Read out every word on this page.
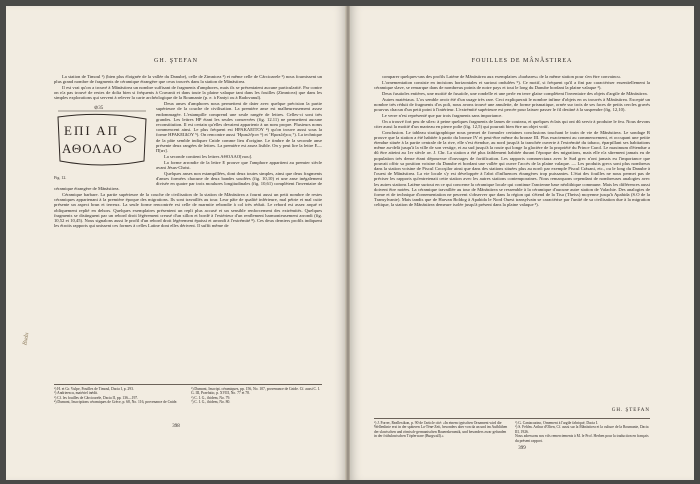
GH. ŞTEFAN

La station de Timoul ¹) (bien plus éloignée de la vallée du Danube), celle de Zimnicea ²) et même celle de Cârcioarele ³) nous fournissent un plus grand nombre de fragments de céramique étrangère que ceux trouvés dans la station de Mânăstirea.

Il est vrai qu'on a trouvé à Mânăstirea un nombre suffisant de fragments d'amphores, mais ils se présentaient aucune particularité. Par contre on n'a pas trouvé de restes de dolia bien si fréquents à Cravanit et dans toute la plaine valaque tant dans les fouilles (Zimnicea) que dans les simples explorations qui servent à relever la carte archéologique de la Roumanie (p. e. à Fantyi ou à Radovanul).

⊘35
ΕΠΙ ΑΠ
ΑΘΟΛΑΟ
Fig. 12.

Deux anses d'amphores nous permettent de dater avec quelque précision la partie supérieure de la couche de civilisation. La première anse est malheureusement assez endommagée. L'estampille comprend une seule rangée de lettres. Celles-ci sont très grandes. Les lettres HP étant les seules conservées (fig. 12.11) ne permettent aucune reconstitution. Il est certain qu'elles devaient appartenir à un nom propre. Plusieurs noms commencent ainsi. Le plus fréquent est HPAKΛEITOY ⁴) qu'on trouve aussi sous la forme HPAKEIΔOY ⁵). On rencontre aussi ʼHρακλῆτον ⁶) et ʼHρακλῆτος ⁷). La technique de la pâte semble indiquer Cnide comme lieu d'origine. Le timbre de la seconde anse présente deux rangées de lettres. La première est assez lisible. On y peut lire la lettre E—Π[ατ].

La seconde contient les lettres AΘOΛAO[νιου].

La forme arrondie de la lettre E prouve que l'amphore appartient au premier siècle avant Jésus-Christ.

Quelques anses non estampillées, dont deux toutes simples, ainsi que deux fragments d'anses formées chacune de deux bandes soudées (fig. 10,10) et une anse inégalement divisée en quatre par trois moulures longitudinales (fig. 10,61) complètent l'inventaire de céramique étrangère de Mânăstirea.

Céramique barbare. La partie supérieure de la couche de civilisation de la station de Mânăstirea a fourni aussi un petit nombre de restes céramiques appartenant à la première époque des migrations. Ils sont travaillés au tour. Leur pâte de qualité inférieure, mal pétrie et mal cuite présente un aspect brun et terreux. La seule forme rencontrée est celle de marmite rebondie à col très réduit. Le rebord est assez arqué et obliquement replié en dehors. Quelques exemplaires présentent un repli plus accusé et un sensible renforcement des extrémités. Quelques fragments se distinguent par un rebord droit légèrement creusé d'un sillon et bordé à l'extérieur d'un renflement harmonieusement arrondi (fig. 10,52 et 10,45). Nous signalons aussi le profil d'un rebord droit légèrement épaissi et arrondi à l'extrémité ⁸). Ces deux derniers profils indiquent les étroits rapports qui unissent ces formes à celles Latine dont elles dérivent. Il suffit même de

Budu
¹) H. et Gr. Vulpe, Fouilles de Timoul, Dacia I, p. 293.
²) Andrieescu, matériel inédit.
³) Cf. les fouilles de Cârcioarele, Dacia II, pp. 136—197.
⁴) Dumont, Inscriptions céramiques de Grèce, p. 68, No. 116, provenance de Cnide.
⁵) Dumont, Inscript. céramiques, pp. 156, No. 107, provenance de Cnide. Cf. aussi C. I. G. III, Praefatio, p. XVIII, No. 77 et 78.
⁶) C. I. G., ibidem, No. 79.
⁷) C. I. G., ibidem, No. 80.
398
FOUILLES DE MÂNĂSTIREA

comparer quelques-uns des profils Latène de Mânăstirea aux exemplaires «barbares» de la même station pour s'en être convaincu.

L'ornementation consiste en incisions horizontales et surtout ondulées ⁹). Ce motif, si fréquent qu'il a fini par caractériser essentiellement la céramique slave, se remarque dans de nombreux points de notre pays et tout le long du Danube bordant la plaine valaque ²).

Deux fusaïoles entières, une moitié de fusaïole, une rondelle et une perle en terre glaise complètent l'inventaire des objets d'argile de Mânăstirea.

Autres matériaux. L'os semble avoir été d'un usage très rare. Ceci expliquerait le nombre infime d'objets en os trouvés à Mânăstirea. Excepté un nombre très réduit de fragments d'os poli, nous avons trouvé une amulette, de forme prismatique, ornée sur trois de ses faces de petits cercles gravés pourvus chacun d'un petit point à l'intérieur. L'extrémité supérieure est percée pour laisser passer le fil destiné à la suspendre (fig. 12,10).

Le verre n'est représenté que par trois fragments sans importance.

On a trouvé fort peu de silex: à peine quelques fragments de lames de couteau, et quelques éclats qui ont dû servir à produire le feu. Nous devons citer aussi la moitié d'un marteau en pierre polie (fig. 12,5) qui pourrait bien être un objet votif.

Conclusion. Le tableau stratigraphique nous permet de formuler certaines conclusions touchant le train de vie de Mânăstirea. Le sondage B prouve que la station a été habitée à partir du bronze IV et peut-être même du bronze III. Plus exactement au commencement, et occupant une petite étendue située à la partie centrale de la rive, elle s'est étendue, au nord jusqu'à la tranchée ouverte à l'extrémité du tabaco, éparpillant ses habitations même au-delà jusqu'à la ville de son vestige, et au sud jusqu'à la route qui longe la glacière de la propriété du Prince Carol. Le maximum d'étendue a dû être atteint au 1er siècle av. J. Chr. La station a été plus faiblement habitée durant l'époque des migrations, mais elle n'a sûrement jamais eu de population très dense étant dépourvue d'ouvrages de fortification. Les rapports commerciaux avec le Sud grec n'ont jamais eu l'importance que pouvait offrir sa position voisine du Danube et bordant une vallée qui ouvre l'accès de la plaine valaque. — Les produits grecs sont plus nombreux dans la station voisine de Piscul Cocoşilor ainsi que dans des stations situées plus au nord: par exemple Piscul Crăsani, etc., ou le long du Danube à l'ouest de Mânăstirea. La vie locale s'y est développée à l'abri d'influences étrangères trop puissantes. L'état des fouilles ne nous permet pas de préciser les rapports qu'entretenait cette station avec les autres stations contemporaines. Nous remarquons cependant de nombreuses analogies avec les autres stations Latène surtout en ce qui concerne la céramique locale qui continue l'ancienne base néolithique commune. Mais les différences aussi doivent être notées. La céramique travaillée au tour de Mânăstirea se ressemble à la céramique d'aucune autre station de Valachie. Des analogies de forme et de technique d'ornementation ne peuvent s'observer que dans la région qui s'étend de la Tisa (Theiss) moyenne jusqu'à Apahida (S.O de la Transylvanie). Mais tandis que de Harvan Boldog à Apahida le Nord Ouest transylvain se caractérise par l'unité de sa civilisation due à la migration celtique, la station de Mânăstirea demeure isolée jusqu'à présent dans la plaine valaque ³).

GH. ŞTEFAN
¹) J. Forrer, Reallexikon, p. 90 de l'article cité: «In einem typischen Ornament wird die Wellenlinie erst in der späteren La-Tène-Zeit, besonders aber von da an und im Aufblühen der slawischen und römisch-germanischen Bauernkeramik, und besonders zwar gefunden in der frühslawischen Töpferware (Burgwall).»
²) G. Cantacuzino, Ornement à l'argile fabriqué, Dacia I.
³) S. Fehlm. Arthur d'Olten, Cf. aussi sur la Mânăstirea et la culture de la Roumanie, Dacia III, 1926.
Nous adressons nos vifs remerciements à M. le Prof. Herben pour la traduction en français du présent rapport.
399
